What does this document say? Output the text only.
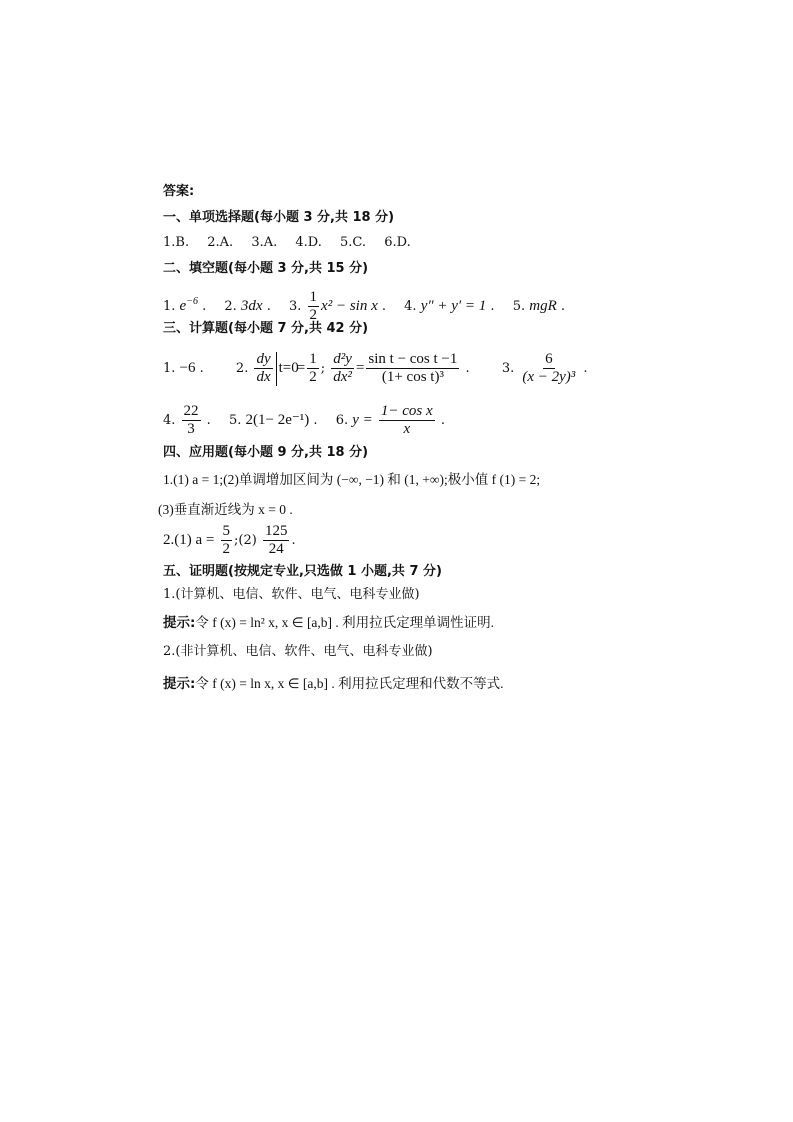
答案:
一、单项选择题(每小题 3 分,共 18 分)
1.B. 2.A. 3.A. 4.D. 5.C. 6.D.
二、填空题(每小题 3 分,共 15 分)
1. $e^{-6}$ . 2. 3dx . 3. $\frac{1}{2} x^2 - \sin x$ . 4. y″ + y′ = 1 . 5. mgR .
三、计算题(每小题 7 分,共 42 分)
1. −6 . 2. $\frac{dy}{dx} t=0$
= $\frac{1}{2}$ ; $\frac{\text{d²y}}{\text{dx²}} = \frac{\text{sin t − cos t −1}}{\text{(1+ cos t)³}}$ . 3. $\frac{6}{\text{(x − 2y)³}}$ .
4. $\frac{22}{3}$ . 5. 2(1− 2e⁻¹) . 6. $y = \frac{\text{1− cos x}}{x}$ .
四、应用题(每小题 9 分,共 18 分)
1.(1) a = 1;(2)单调增加区间为 (−∞, −1) 和 (1, +∞);极小值 f (1) = 2;
(3)垂直渐近线为 x = 0 .
2.(1) $a = \frac{5}{2}$ ;(2) $\frac{125}{24}$ .
五、证明题(按规定专业,只选做 1 小题,共 7 分)
1.(计算机、电信、软件、电气、电科专业做)
提示:令 f (x) = ln² x, x ∈ [a,b] . 利用拉氏定理单调性证明.
2.(非计算机、电信、软件、电气、电科专业做)
提示:令 f (x) = ln x, x ∈ [a,b] . 利用拉氏定理和代数不等式.
